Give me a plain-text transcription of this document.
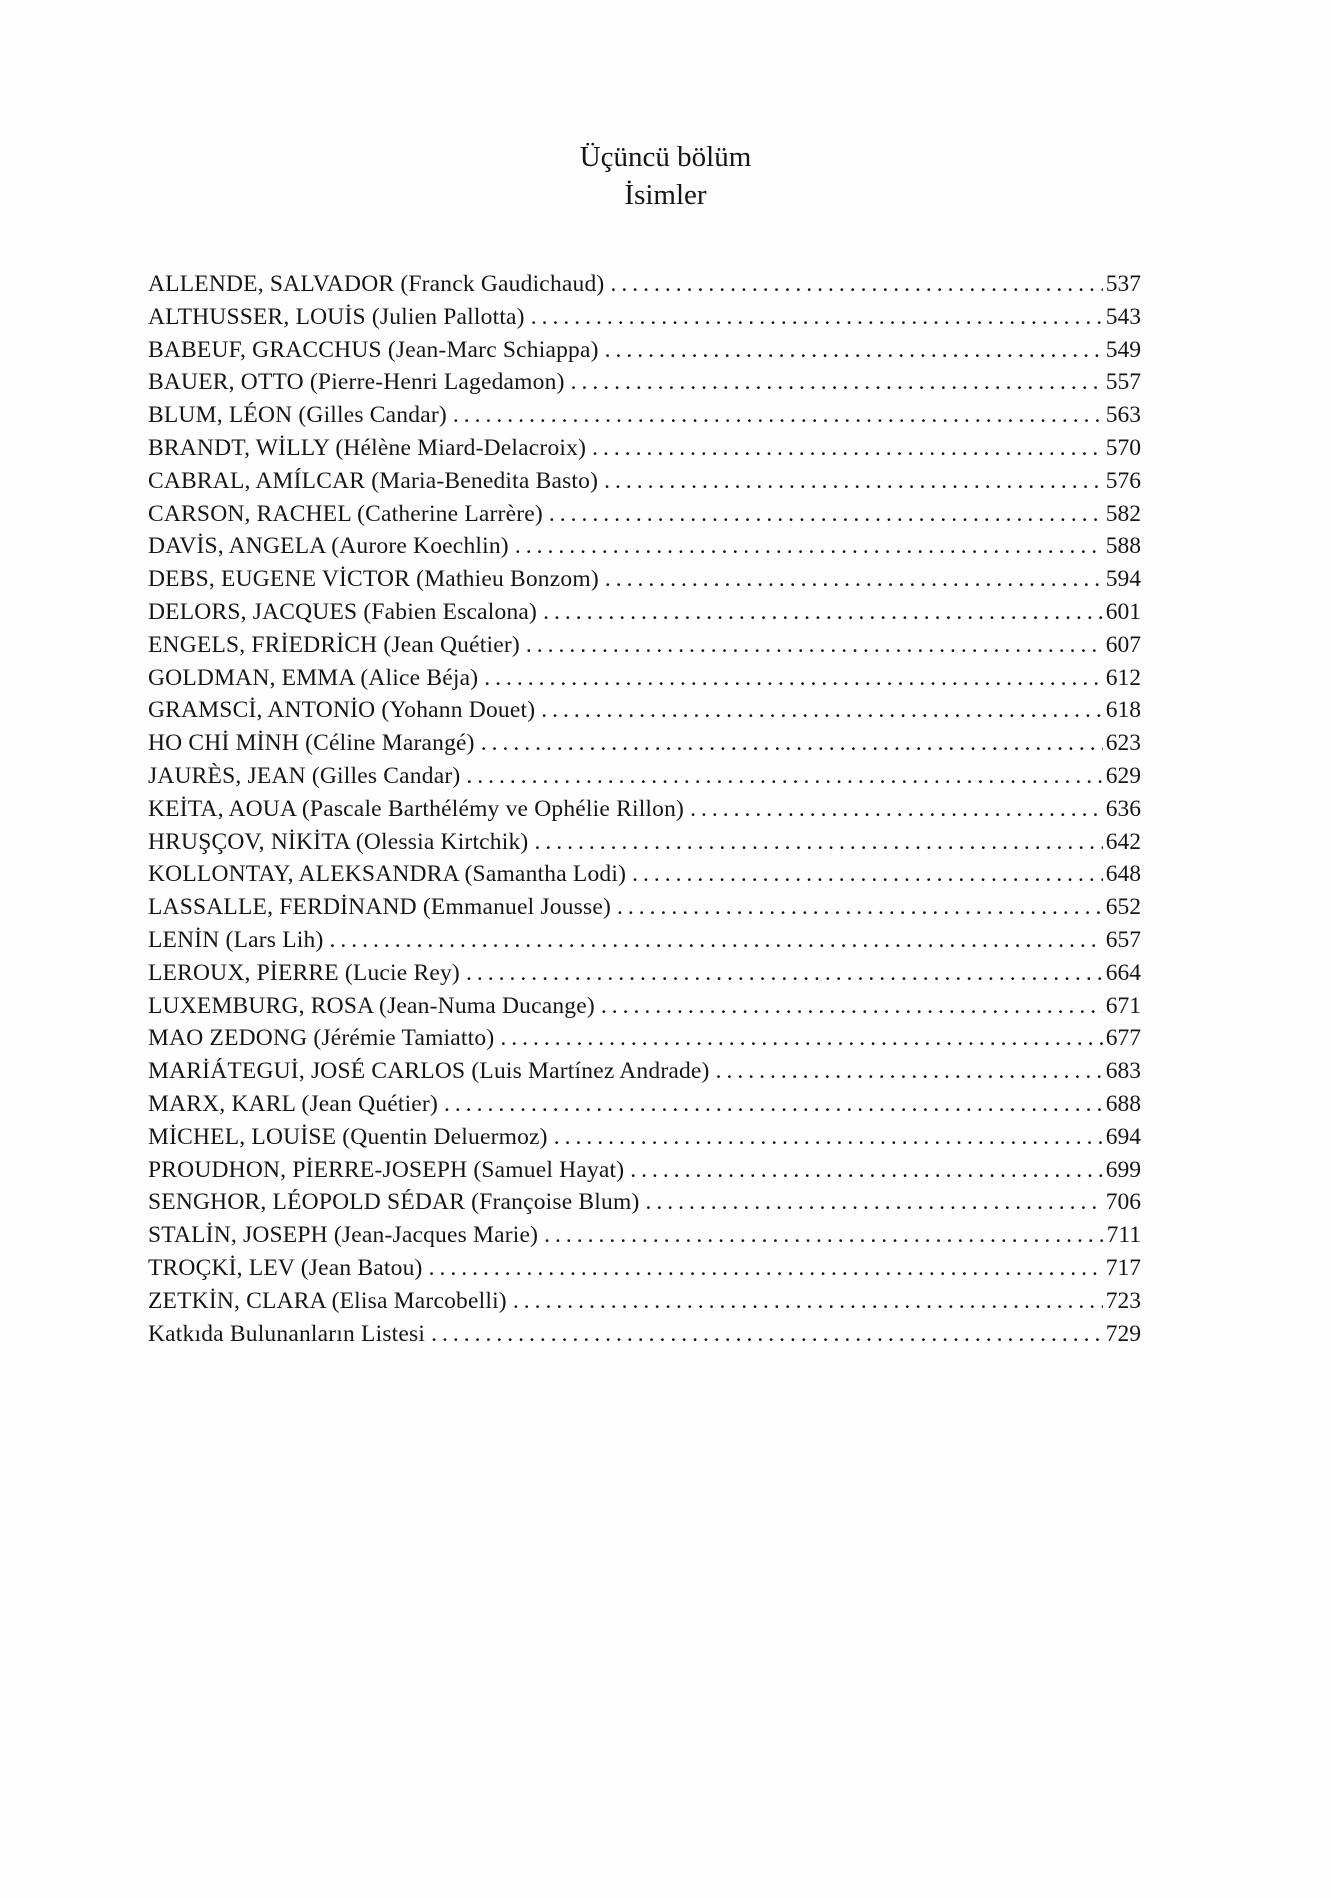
Üçüncü bölüm
İsimler
ALLENDE, SALVADOR (Franck Gaudichaud) .....	537
ALTHUSSER, LOUİS (Julien Pallotta) .....	543
BABEUF, GRACCHUS (Jean-Marc Schiappa) .....	549
BAUER, OTTO (Pierre-Henri Lagedamon) .....	557
BLUM, LÉON (Gilles Candar) .....	563
BRANDT, WİLLY (Hélène Miard-Delacroix) .....	570
CABRAL, AMÍLCAR (Maria-Benedita Basto) .....	576
CARSON, RACHEL (Catherine Larrère) .....	582
DAVİS, ANGELA (Aurore Koechlin) .....	588
DEBS, EUGENE VİCTOR (Mathieu Bonzom) .....	594
DELORS, JACQUES (Fabien Escalona) .....	601
ENGELS, FRİEDRİCH (Jean Quétier) .....	607
GOLDMAN, EMMA (Alice Béja) .....	612
GRAMSCİ, ANTONİO (Yohann Douet) .....	618
HO CHİ MİNH (Céline Marangé) .....	623
JAURÈS, JEAN (Gilles Candar) .....	629
KEİTA, AOUA (Pascale Barthélémy ve Ophélie Rillon) .....	636
HRUŞÇOV, NİKİTA (Olessia Kirtchik) .....	642
KOLLONTAY, ALEKSANDRA (Samantha Lodi) .....	648
LASSALLE, FERDİNAND (Emmanuel Jousse) .....	652
LENİN (Lars Lih) .....	657
LEROUX, PİERRE (Lucie Rey) .....	664
LUXEMBURG, ROSA (Jean-Numa Ducange) .....	671
MAO ZEDONG (Jérémie Tamiatto) .....	677
MARİÁTEGUİ, JOSÉ CARLOS (Luis Martínez Andrade) .....	683
MARX, KARL (Jean Quétier) .....	688
MİCHEL, LOUİSE (Quentin Deluermoz) .....	694
PROUDHON, PİERRE-JOSEPH (Samuel Hayat) .....	699
SENGHOR, LÉOPOLD SÉDAR (Françoise Blum) .....	706
STALİN, JOSEPH (Jean-Jacques Marie) .....	711
TROÇKİ, LEV (Jean Batou) .....	717
ZETKİN, CLARA (Elisa Marcobelli) .....	723
Katkıda Bulunanların Listesi .....	729
